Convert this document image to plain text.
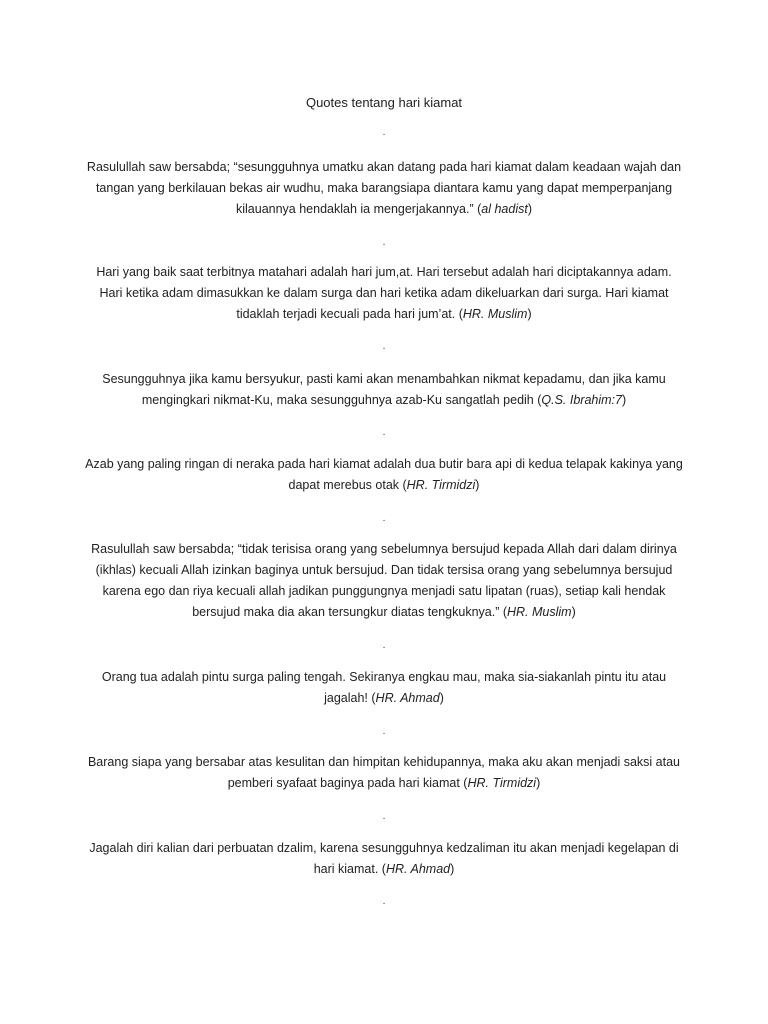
Quotes tentang hari kiamat
.
Rasulullah saw bersabda; “sesungguhnya umatku akan datang pada hari kiamat dalam keadaan wajah dan tangan yang berkilauan bekas air wudhu, maka barangsiapa diantara kamu yang dapat memperpanjang kilauannya hendaklah ia mengerjakannya.” (al hadist)
.
Hari yang baik saat terbitnya matahari adalah hari jum,at. Hari tersebut adalah hari diciptakannya adam. Hari ketika adam dimasukkan ke dalam surga dan hari ketika adam dikeluarkan dari surga. Hari kiamat tidaklah terjadi kecuali pada hari jum’at. (HR. Muslim)
.
Sesungguhnya jika kamu bersyukur, pasti kami akan menambahkan nikmat kepadamu, dan jika kamu mengingkari nikmat-Ku, maka sesungguhnya azab-Ku sangatlah pedih (Q.S. Ibrahim:7)
.
Azab yang paling ringan di neraka pada hari kiamat adalah dua butir bara api di kedua telapak kakinya yang dapat merebus otak (HR. Tirmidzi)
.
Rasulullah saw bersabda; “tidak terisisa orang yang sebelumnya bersujud kepada Allah dari dalam dirinya (ikhlas) kecuali Allah izinkan baginya untuk bersujud. Dan tidak tersisa orang yang sebelumnya bersujud karena ego dan riya kecuali allah jadikan punggungnya menjadi satu lipatan (ruas), setiap kali hendak bersujud maka dia akan tersungkur diatas tengkuknya.” (HR. Muslim)
.
Orang tua adalah pintu surga paling tengah. Sekiranya engkau mau, maka sia-siakanlah pintu itu atau jagalah! (HR. Ahmad)
.
Barang siapa yang bersabar atas kesulitan dan himpitan kehidupannya, maka aku akan menjadi saksi atau pemberi syafaat baginya pada hari kiamat (HR. Tirmidzi)
.
Jagalah diri kalian dari perbuatan dzalim, karena sesungguhnya kedzaliman itu akan menjadi kegelapan di hari kiamat. (HR. Ahmad)
.
